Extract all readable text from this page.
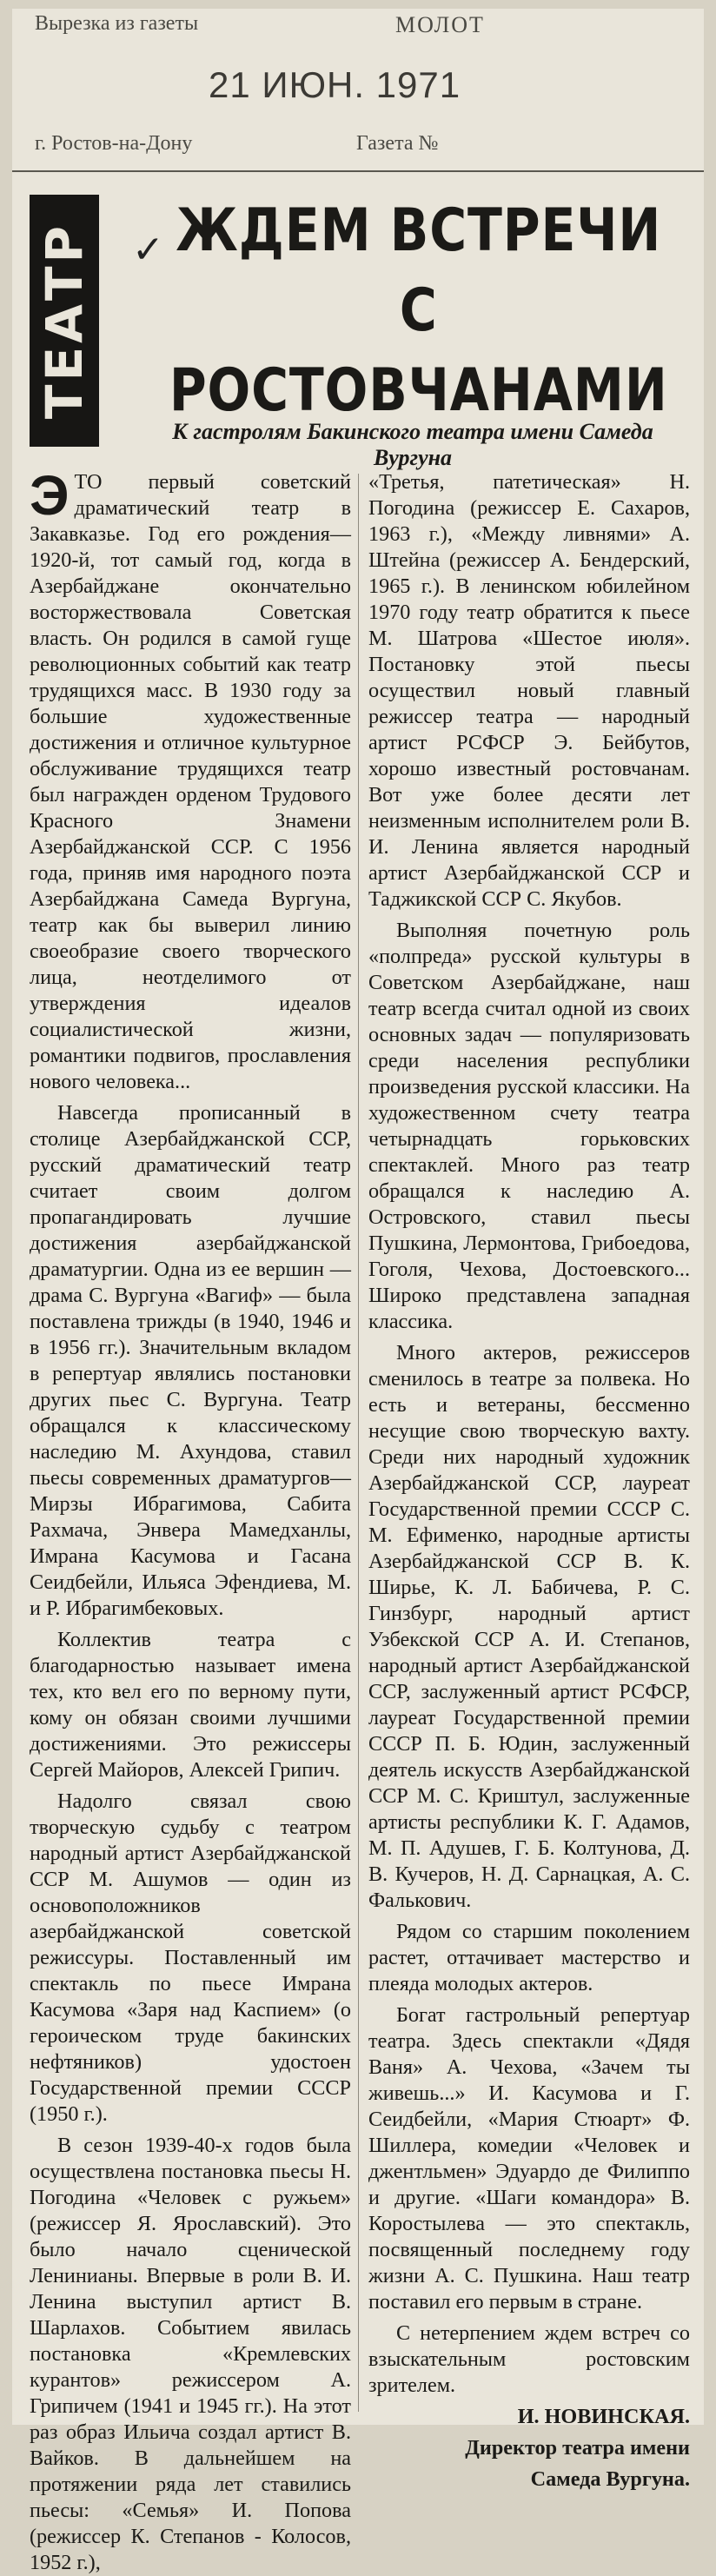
Вырезка из газеты	МОЛОТ
21 ИЮН. 1971
г. Ростов-на-Дону	Газета №
ТЕАТР ✓ ЖДЕМ ВСТРЕЧИ
С РОСТОВЧАНАМИ
К гастролям Бакинского театра имени Самеда Вургуна

ЭТО первый советский драматический театр в Закавказье. Год его рождения—1920-й, тот самый год, когда в Азербайджане окончательно восторжествовала Советская власть. Он родился в самой гуще революционных событий как театр трудящихся масс. В 1930 году за большие художественные достижения и отличное культурное обслуживание трудящихся театр был награжден орденом Трудового Красного Знамени Азербайджанской ССР. С 1956 года, приняв имя народного поэта Азербайджана Самеда Вургуна, театр как бы выверил линию своеобразие своего творческого лица, неотделимого от утверждения идеалов социалистической жизни, романтики подвигов, прославления нового человека...

Навсегда прописанный в столице Азербайджанской ССР, русский драматический театр считает своим долгом пропагандировать лучшие достижения азербайджанской драматургии. Одна из ее вершин — драма С. Вургуна «Вагиф» — была поставлена трижды (в 1940, 1946 и в 1956 гг.). Значительным вкладом в репертуар являлись постановки других пьес С. Вургуна. Театр обращался к классическому наследию М. Ахундова, ставил пьесы современных драматургов— Мирзы Ибрагимова, Сабита Рахмача, Энвера Мамедханлы, Имрана Касумова и Гасана Сеидбейли, Ильяса Эфендиева, М. и Р. Ибрагимбековых.

Коллектив театра с благодарностью называет имена тех, кто вел его по верному пути, кому он обязан своими лучшими достижениями. Это режиссеры Сергей Майоров, Алексей Грипич.

Надолго связал свою творческую судьбу с театром народный артист Азербайджанской ССР М. Ашумов — один из основоположников азербайджанской советской режиссуры. Поставленный им спектакль по пьесе Имрана Касумова «Заря над Каспием» (о героическом труде бакинских нефтяников) удостоен Государственной премии СССР (1950 г.).

В сезон 1939-40-х годов была осуществлена постановка пьесы Н. Погодина «Человек с ружьем» (режиссер Я. Ярославский). Это было начало сценической Ленинианы. Впервые в роли В. И. Ленина выступил артист В. Шарлахов. Событием явилась постановка «Кремлевских курантов» режиссером А. Грипичем (1941 и 1945 гг.). На этот раз образ Ильича создал артист В. Вайков. В дальнейшем на протяжении ряда лет ставились пьесы: «Семья» И. Попова (режиссер К. Степанов - Колосов, 1952 г.),

«Третья, патетическая» Н. Погодина (режиссер Е. Сахаров, 1963 г.), «Между ливнями» А. Штейна (режиссер А. Бендерский, 1965 г.). В ленинском юбилейном 1970 году театр обратится к пьесе М. Шатрова «Шестое июля». Постановку этой пьесы осуществил новый главный режиссер театра — народный артист РСФСР Э. Бейбутов, хорошо известный ростовчанам. Вот уже более десяти лет неизменным исполнителем роли В. И. Ленина является народный артист Азербайджанской ССР и Таджикской ССР С. Якубов.

Выполняя почетную роль «полпреда» русской культуры в Советском Азербайджане, наш театр всегда считал одной из своих основных задач — популяризовать среди населения республики произведения русской классики. На художественном счету театра четырнадцать горьковских спектаклей. Много раз театр обращался к наследию А. Островского, ставил пьесы Пушкина, Лермонтова, Грибоедова, Гоголя, Чехова, Достоевского... Широко представлена западная классика.

Много актеров, режиссеров сменилось в театре за полвека. Но есть и ветераны, бессменно несущие свою творческую вахту. Среди них народный художник Азербайджанской ССР, лауреат Государственной премии СССР С. М. Ефименко, народные артисты Азербайджанской ССР В. К. Ширье, К. Л. Бабичева, Р. С. Гинзбург, народный артист Узбекской ССР А. И. Степанов, народный артист Азербайджанской ССР, заслуженный артист РСФСР, лауреат Государственной премии СССР П. Б. Юдин, заслуженный деятель искусств Азербайджанской ССР М. С. Криштул, заслуженные артисты республики К. Г. Адамов, М. П. Адушев, Г. Б. Колтунова, Д. В. Кучеров, Н. Д. Сарнацкая, А. С. Фалькович.

Рядом со старшим поколением растет, оттачивает мастерство и плеяда молодых актеров.

Богат гастрольный репертуар театра. Здесь спектакли «Дядя Ваня» А. Чехова, «Зачем ты живешь...» И. Касумова и Г. Сеидбейли, «Мария Стюарт» Ф. Шиллера, комедии «Человек и джентльмен» Эдуардо де Филиппо и другие. «Шаги командора» В. Коростылева — это спектакль, посвященный последнему году жизни А. С. Пушкина. Наш театр поставил его первым в стране.

С нетерпением ждем встреч со взыскательным ростовским зрителем.

И. НОВИНСКАЯ.

Директор театра имени

Самеда Вургуна.
